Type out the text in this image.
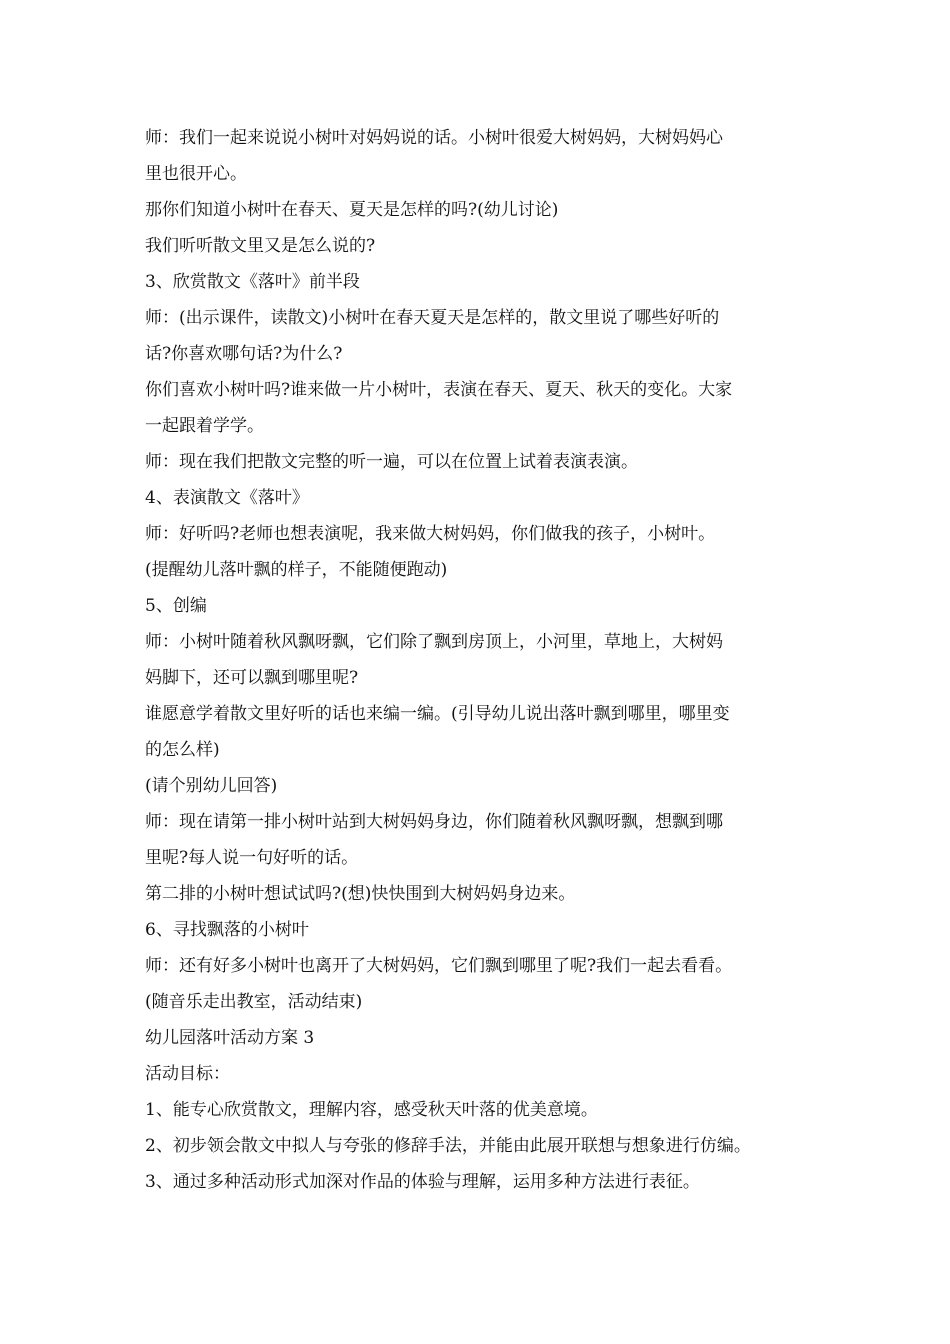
师：我们一起来说说小树叶对妈妈说的话。小树叶很爱大树妈妈，大树妈妈心
里也很开心。
那你们知道小树叶在春天、夏天是怎样的吗?(幼儿讨论)
我们听听散文里又是怎么说的?
3、欣赏散文《落叶》前半段
师：(出示课件，读散文)小树叶在春天夏天是怎样的，散文里说了哪些好听的
话?你喜欢哪句话?为什么?
你们喜欢小树叶吗?谁来做一片小树叶，表演在春天、夏天、秋天的变化。大家
一起跟着学学。
师：现在我们把散文完整的听一遍，可以在位置上试着表演表演。
4、表演散文《落叶》
师：好听吗?老师也想表演呢，我来做大树妈妈，你们做我的孩子，小树叶。
(提醒幼儿落叶飘的样子，不能随便跑动)
5、创编
师：小树叶随着秋风飘呀飘，它们除了飘到房顶上，小河里，草地上，大树妈
妈脚下，还可以飘到哪里呢?
谁愿意学着散文里好听的话也来编一编。(引导幼儿说出落叶飘到哪里，哪里变
的怎么样)
(请个别幼儿回答)
师：现在请第一排小树叶站到大树妈妈身边，你们随着秋风飘呀飘，想飘到哪
里呢?每人说一句好听的话。
第二排的小树叶想试试吗?(想)快快围到大树妈妈身边来。
6、寻找飘落的小树叶
师：还有好多小树叶也离开了大树妈妈，它们飘到哪里了呢?我们一起去看看。
(随音乐走出教室，活动结束)
幼儿园落叶活动方案 3
活动目标：
1、能专心欣赏散文，理解内容，感受秋天叶落的优美意境。
2、初步领会散文中拟人与夸张的修辞手法，并能由此展开联想与想象进行仿编。
3、通过多种活动形式加深对作品的体验与理解，运用多种方法进行表征。
